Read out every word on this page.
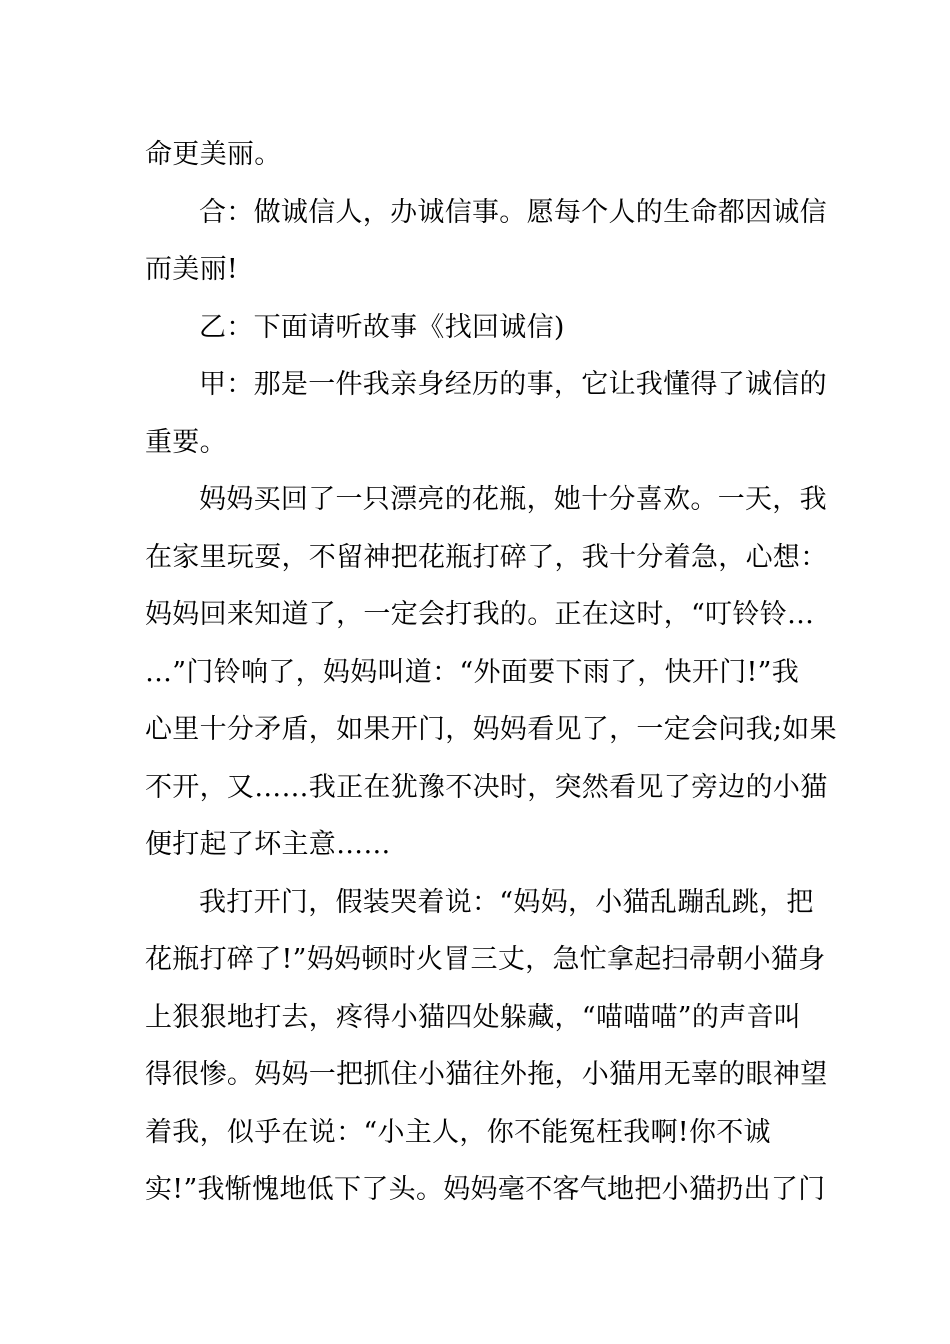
命更美丽。
合：做诚信人，办诚信事。愿每个人的生命都因诚信
而美丽!
乙：下面请听故事《找回诚信)
甲：那是一件我亲身经历的事，它让我懂得了诚信的
重要。
妈妈买回了一只漂亮的花瓶，她十分喜欢。一天，我
在家里玩耍，不留神把花瓶打碎了，我十分着急，心想：
妈妈回来知道了，一定会打我的。正在这时，“叮铃铃…
…”门铃响了，妈妈叫道：“外面要下雨了，快开门!”我
心里十分矛盾，如果开门，妈妈看见了，一定会问我;如果
不开，又……我正在犹豫不决时，突然看见了旁边的小猫
便打起了坏主意……
我打开门，假装哭着说：“妈妈，小猫乱蹦乱跳，把
花瓶打碎了!”妈妈顿时火冒三丈，急忙拿起扫帚朝小猫身
上狠狠地打去，疼得小猫四处躲藏，“喵喵喵”的声音叫
得很惨。妈妈一把抓住小猫往外拖，小猫用无辜的眼神望
着我，似乎在说：“小主人，你不能冤枉我啊!你不诚
实!”我惭愧地低下了头。妈妈毫不客气地把小猫扔出了门
